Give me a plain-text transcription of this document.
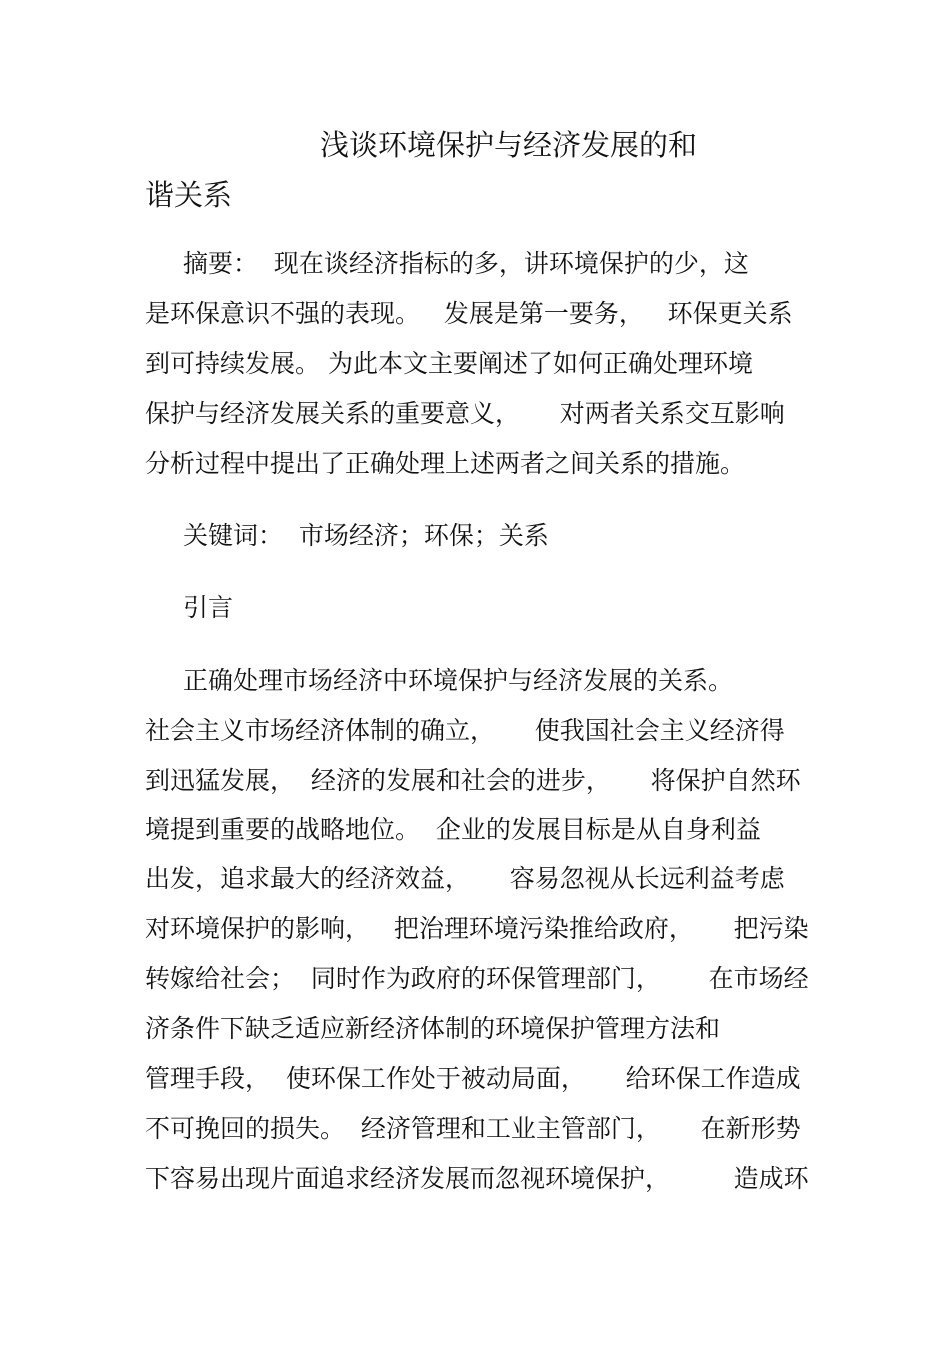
浅谈环境保护与经济发展的和
谐关系
摘要：  现在谈经济指标的多，讲环境保护的少，这
是环保意识不强的表现。   发展是第一要务，   环保更关系
到可持续发展。 为此本文主要阐述了如何正确处理环境
保护与经济发展关系的重要意义，     对两者关系交互影响
分析过程中提出了正确处理上述两者之间关系的措施。
关键词：  市场经济；环保；关系
引言
正确处理市场经济中环境保护与经济发展的关系。
社会主义市场经济体制的确立，     使我国社会主义经济得
到迅猛发展，  经济的发展和社会的进步，     将保护自然环
境提到重要的战略地位。  企业的发展目标是从自身利益
出发，追求最大的经济效益，     容易忽视从长远利益考虑
对环境保护的影响，   把治理环境污染推给政府，     把污染
转嫁给社会；  同时作为政府的环保管理部门，      在市场经
济条件下缺乏适应新经济体制的环境保护管理方法和
管理手段，  使环保工作处于被动局面，     给环保工作造成
不可挽回的损失。  经济管理和工业主管部门，     在新形势
下容易出现片面追求经济发展而忽视环境保护，        造成环
